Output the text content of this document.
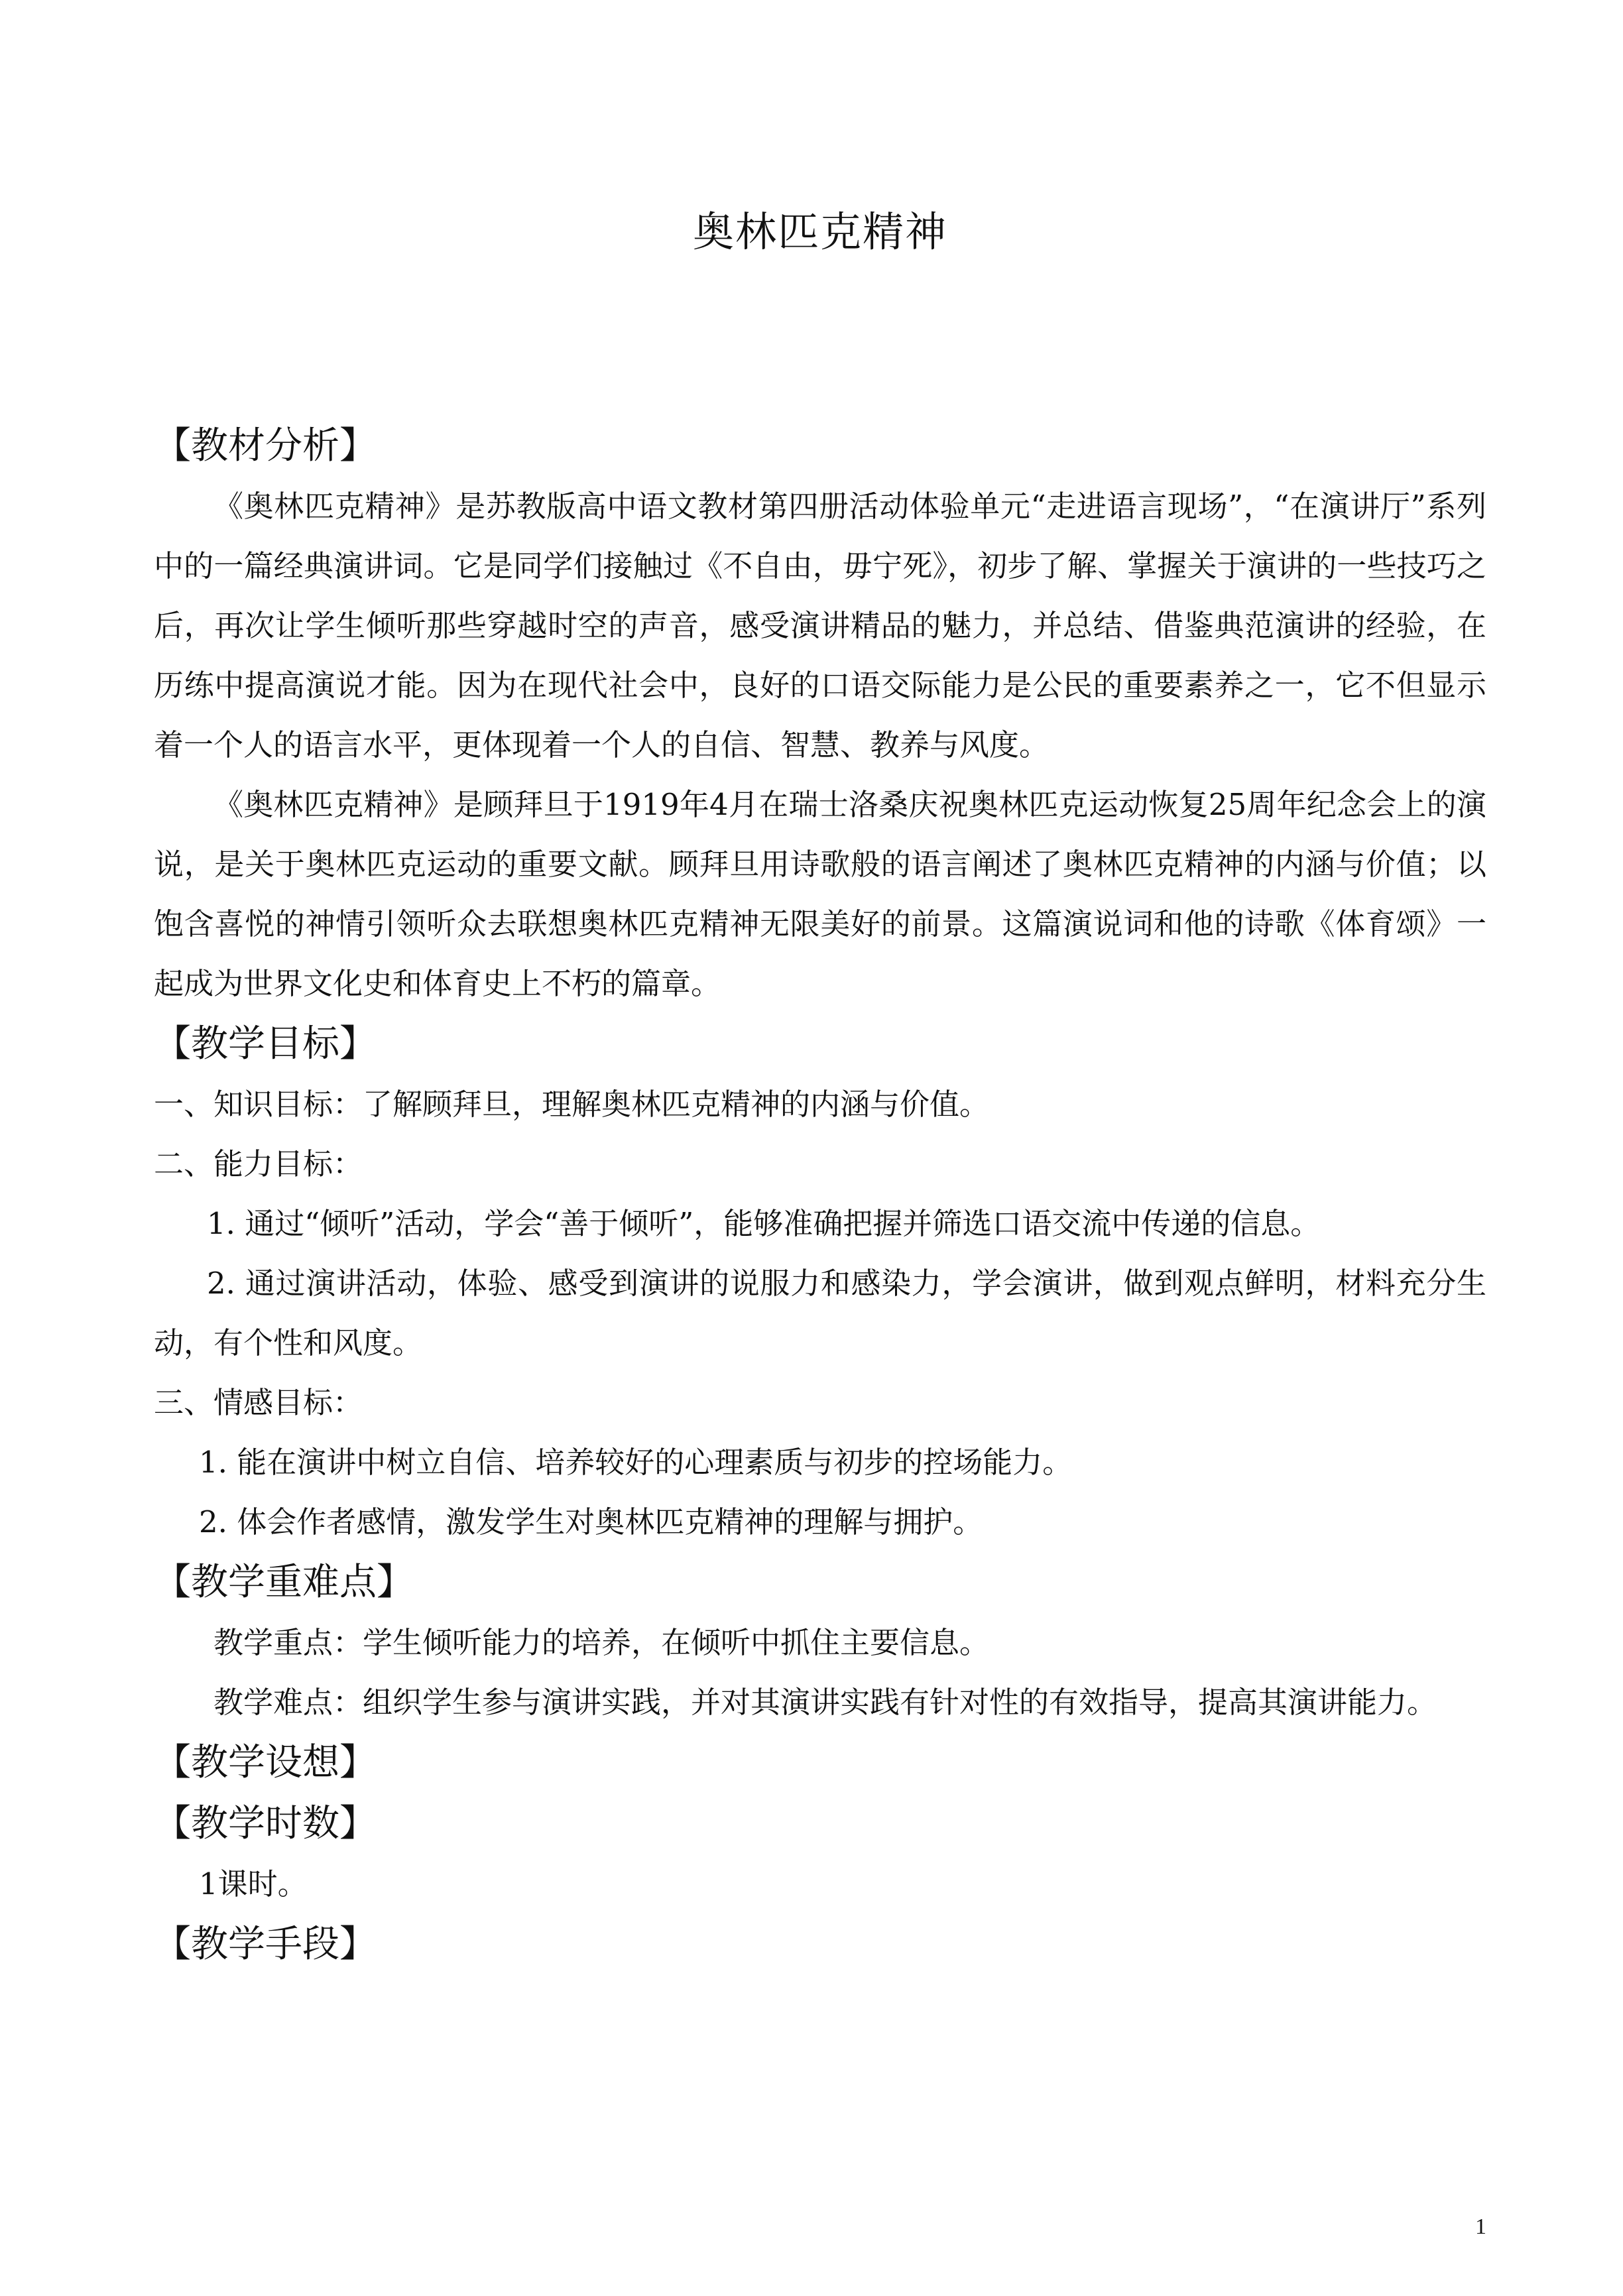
奥林匹克精神
【教材分析】

《奥林匹克精神》是苏教版高中语文教材第四册活动体验单元“走进语言现场”，“在演讲厅”系列中的一篇经典演讲词。它是同学们接触过《不自由，毋宁死》，初步了解、掌握关于演讲的一些技巧之后，再次让学生倾听那些穿越时空的声音，感受演讲精品的魅力，并总结、借鉴典范演讲的经验，在历练中提高演说才能。因为在现代社会中，良好的口语交际能力是公民的重要素养之一，它不但显示着一个人的语言水平，更体现着一个人的自信、智慧、教养与风度。

《奥林匹克精神》是顾拜旦于1919年4月在瑞士洛桑庆祝奥林匹克运动恢复25周年纪念会上的演说，是关于奥林匹克运动的重要文献。顾拜旦用诗歌般的语言阐述了奥林匹克精神的内涵与价值；以饱含喜悦的神情引领听众去联想奥林匹克精神无限美好的前景。这篇演说词和他的诗歌《体育颂》一起成为世界文化史和体育史上不朽的篇章。

【教学目标】

一、知识目标：了解顾拜旦，理解奥林匹克精神的内涵与价值。

二、能力目标：

1. 通过“倾听”活动，学会“善于倾听”，能够准确把握并筛选口语交流中传递的信息。

2. 通过演讲活动，体验、感受到演讲的说服力和感染力，学会演讲，做到观点鲜明，材料充分生动，有个性和风度。

三、情感目标：

1. 能在演讲中树立自信、培养较好的心理素质与初步的控场能力。

2. 体会作者感情，激发学生对奥林匹克精神的理解与拥护。

【教学重难点】

教学重点：学生倾听能力的培养，在倾听中抓住主要信息。

教学难点：组织学生参与演讲实践，并对其演讲实践有针对性的有效指导，提高其演讲能力。

【教学设想】
【教学时数】

1课时。

【教学手段】
1
